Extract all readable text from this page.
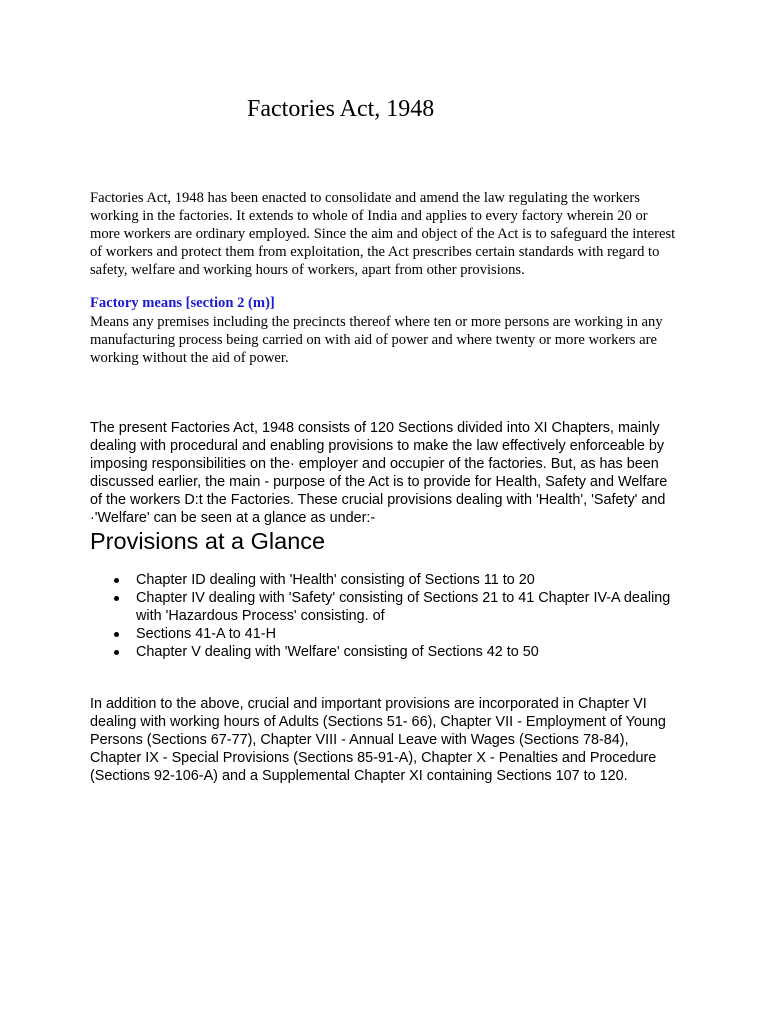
Factories Act, 1948

Factories Act, 1948 has been enacted to consolidate and amend the law regulating the workers working in the factories. It extends to whole of India and applies to every factory wherein 20 or more workers are ordinary employed. Since the aim and object of the Act is to safeguard the interest of workers and protect them from exploitation, the Act prescribes certain standards with regard to safety, welfare and working hours of workers, apart from other provisions.

Factory means [section 2 (m)]

Means any premises including the precincts thereof where ten or more persons are working in any manufacturing process being carried on with aid of power and where twenty or more workers are working without the aid of power.

The present Factories Act, 1948 consists of 120 Sections divided into XI Chapters, mainly dealing with procedural and enabling provisions to make the law effectively enforceable by imposing responsibilities on the· employer and occupier of the factories. But, as has been discussed earlier, the main - purpose of the Act is to provide for Health, Safety and Welfare of the workers D:t the Factories. These crucial provisions dealing with 'Health', 'Safety' and ·'Welfare' can be seen at a glance as under:-

Provisions at a Glance
Chapter ID dealing with 'Health' consisting of Sections 11 to 20
Chapter IV dealing with 'Safety' consisting of Sections 21 to 41 Chapter IV-A dealing with 'Hazardous Process' consisting. of
Sections 41-A to 41-H
Chapter V dealing with 'Welfare' consisting of Sections 42 to 50

In addition to the above, crucial and important provisions are incorporated in Chapter VI dealing with working hours of Adults (Sections 51- 66), Chapter VII - Employment of Young Persons (Sections 67-77), Chapter VIII - Annual Leave with Wages (Sections 78-84), Chapter IX - Special Provisions (Sections 85-91-A), Chapter X - Penalties and Procedure (Sections 92-106-A) and a Supplemental Chapter XI containing Sections 107 to 120.
